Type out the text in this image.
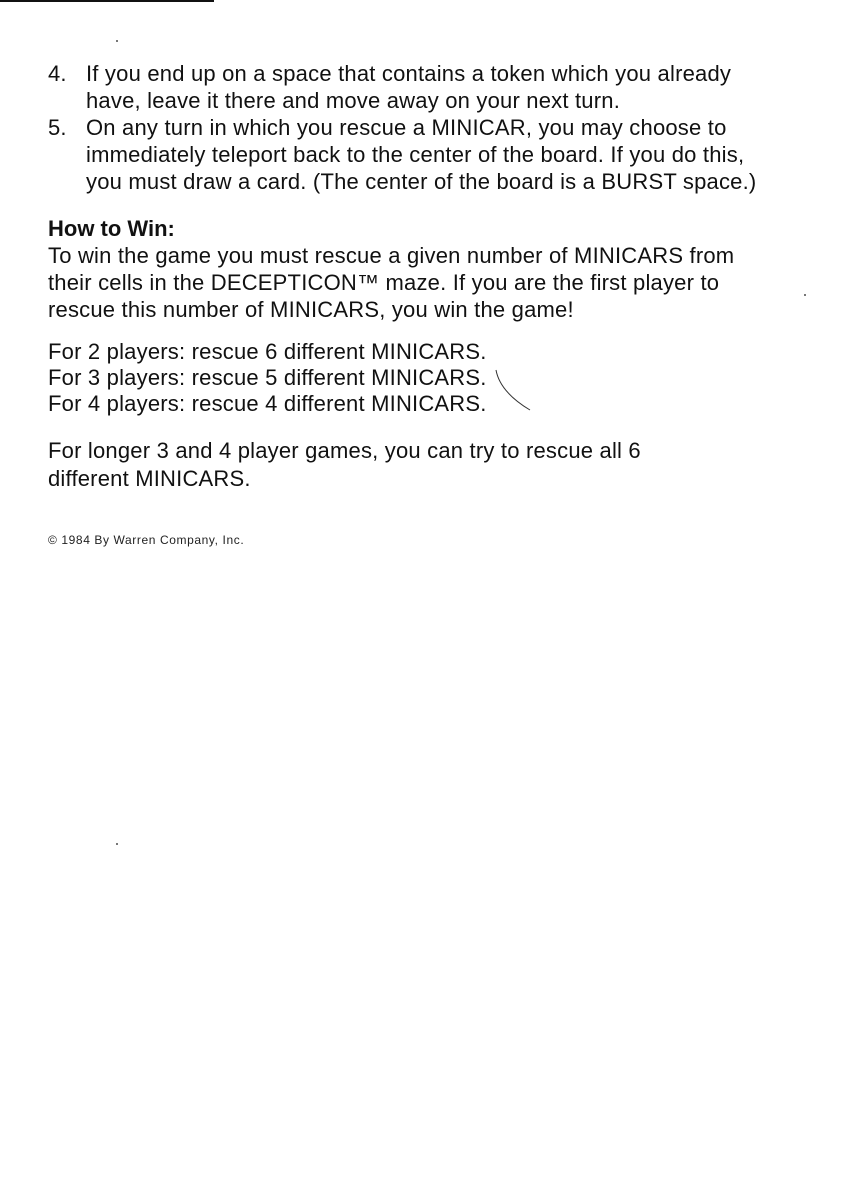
4. If you end up on a space that contains a token which you already have, leave it there and move away on your next turn.
5. On any turn in which you rescue a MINICAR, you may choose to immediately teleport back to the center of the board. If you do this, you must draw a card. (The center of the board is a BURST space.)
How to Win:

To win the game you must rescue a given number of MINICARS from their cells in the DECEPTICON™ maze. If you are the first player to rescue this number of MINICARS, you win the game!

For 2 players: rescue 6 different MINICARS.
For 3 players: rescue 5 different MINICARS.
For 4 players: rescue 4 different MINICARS.

For longer 3 and 4 player games, you can try to rescue all 6 different MINICARS.

© 1984 By Warren Company, Inc.
